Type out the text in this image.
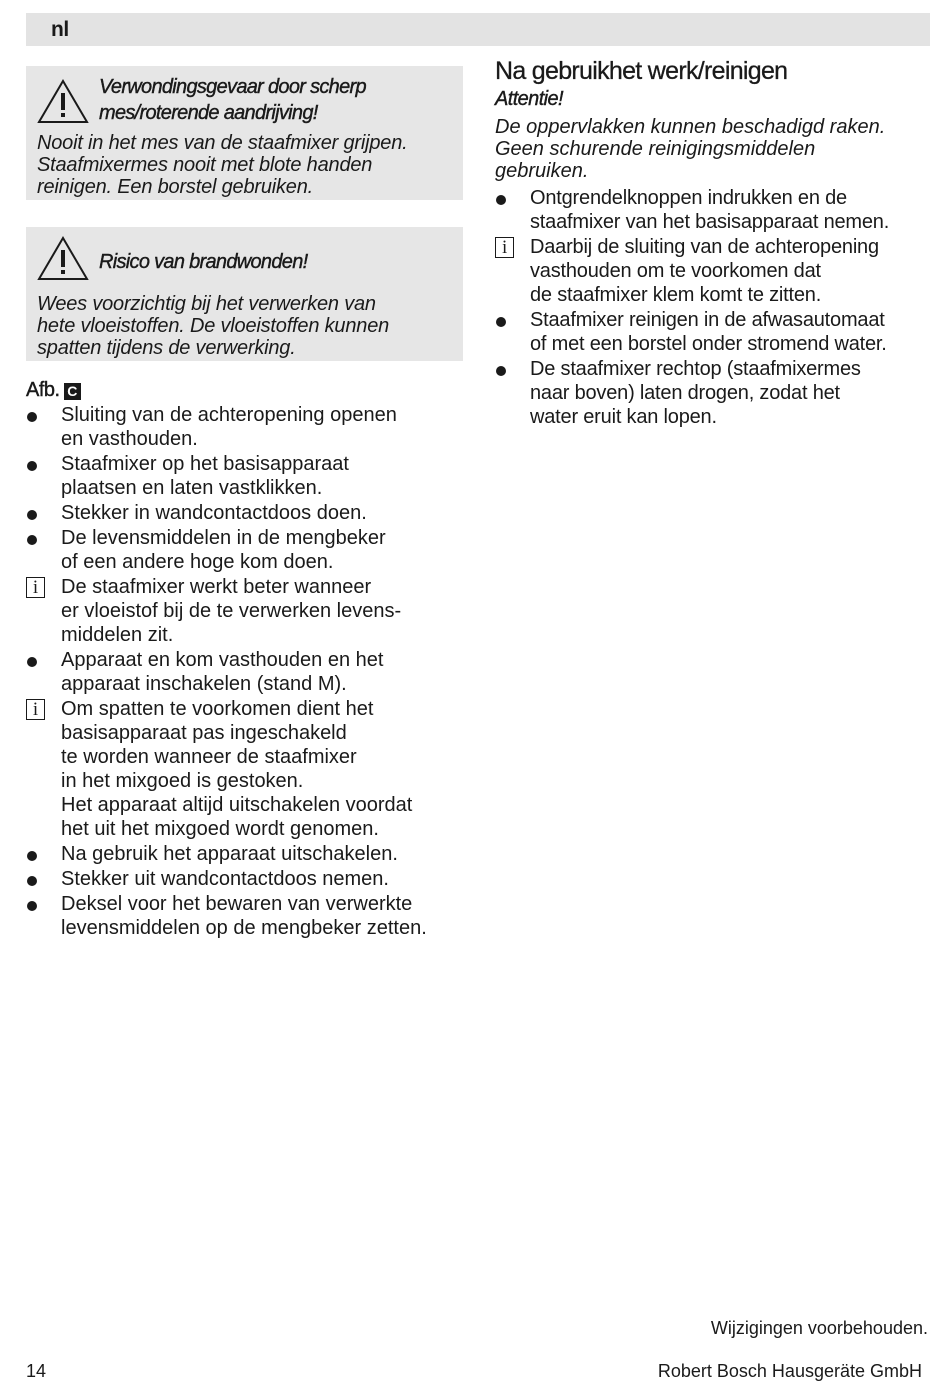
nl
Verwondingsgevaar door scherp
mes/roterende aandrijving!
Nooit in het mes van de staafmixer grijpen.
Staafmixermes nooit met blote handen
reinigen. Een borstel gebruiken.
Risico van brandwonden!
Wees voorzichtig bij het verwerken van
hete vloeistoffen. De vloeistoffen kunnen
spatten tijdens de verwerking.
Afb. C
Sluiting van de achteropening openen
en vasthouden.
Staafmixer op het basisapparaat
plaatsen en laten vastklikken.
Stekker in wandcontactdoos doen.
De levensmiddelen in de mengbeker
of een andere hoge kom doen.
i	De staafmixer werkt beter wanneer
er vloeistof bij de te verwerken levens-
middelen zit.
Apparaat en kom vasthouden en het
apparaat inschakelen (stand M).
i	Om spatten te voorkomen dient het
basisapparaat pas ingeschakeld
te worden wanneer de staafmixer
in het mixgoed is gestoken.
Het apparaat altijd uitschakelen voordat
het uit het mixgoed wordt genomen.
Na gebruik het apparaat uitschakelen.
Stekker uit wandcontactdoos nemen.
Deksel voor het bewaren van verwerkte
levensmiddelen op de mengbeker zetten.
Na gebruikhet werk/reinigen
Attentie!
De oppervlakken kunnen beschadigd raken.
Geen schurende reinigingsmiddelen
gebruiken.
Ontgrendelknoppen indrukken en de
staafmixer van het basisapparaat nemen.
i	Daarbij de sluiting van de achteropening
vasthouden om te voorkomen dat
de staafmixer klem komt te zitten.
Staafmixer reinigen in de afwasautomaat
of met een borstel onder stromend water.
De staafmixer rechtop (staafmixermes
naar boven) laten drogen, zodat het
water eruit kan lopen.
Wijzigingen voorbehouden.
14	Robert Bosch Hausgeräte GmbH
